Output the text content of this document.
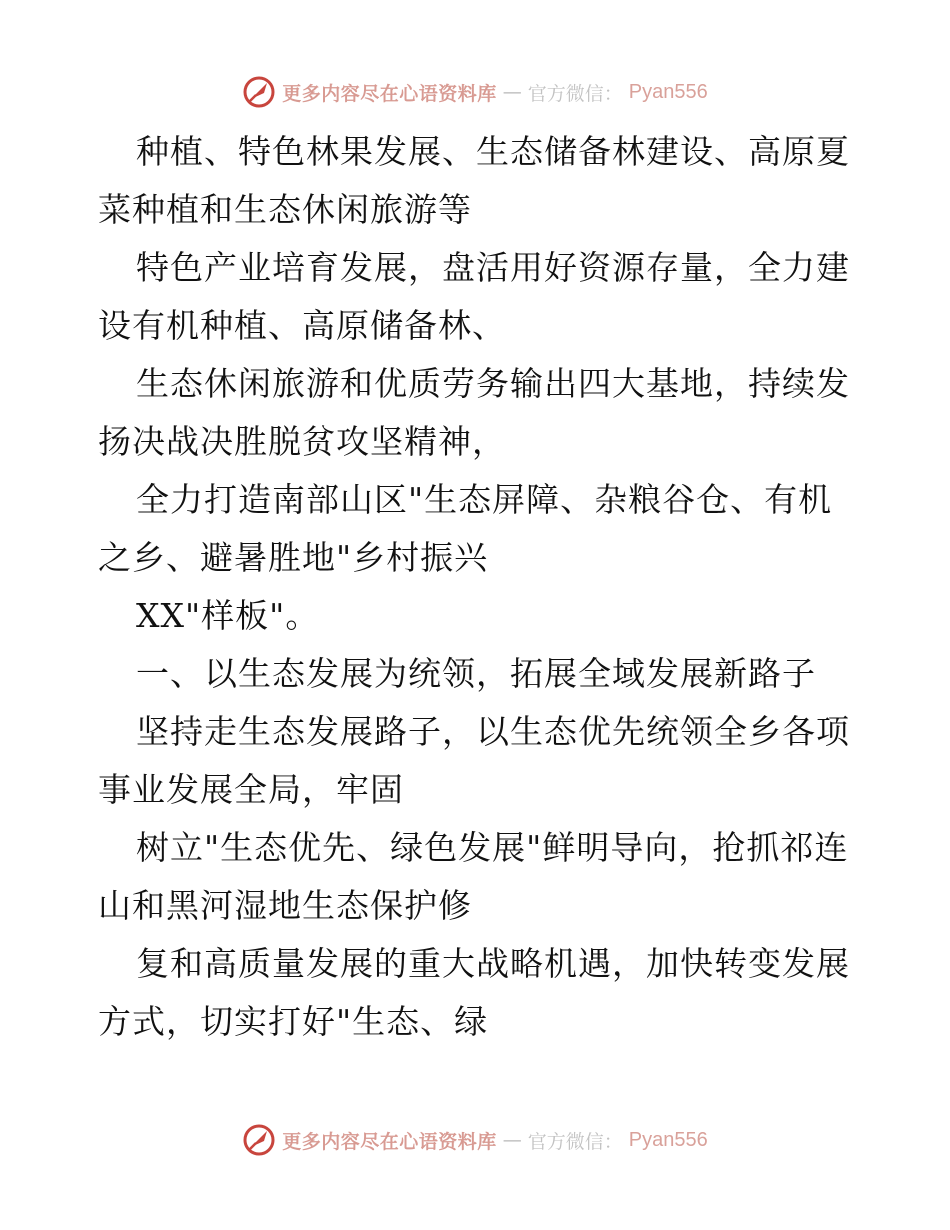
更多内容尽在心语资料库 — 官方微信： Pyan556

种植、特色林果发展、生态储备林建设、高原夏菜种植和生态休闲旅游等

特色产业培育发展，盘活用好资源存量，全力建设有机种植、高原储备林、

生态休闲旅游和优质劳务输出四大基地，持续发扬决战决胜脱贫攻坚精神，

全力打造南部山区"生态屏障、杂粮谷仓、有机之乡、避暑胜地"乡村振兴

XX"样板"。

一、以生态发展为统领，拓展全域发展新路子

坚持走生态发展路子，以生态优先统领全乡各项事业发展全局，牢固

树立"生态优先、绿色发展"鲜明导向，抢抓祁连山和黑河湿地生态保护修

复和高质量发展的重大战略机遇，加快转变发展方式，切实打好"生态、绿

更多内容尽在心语资料库 — 官方微信： Pyan556
